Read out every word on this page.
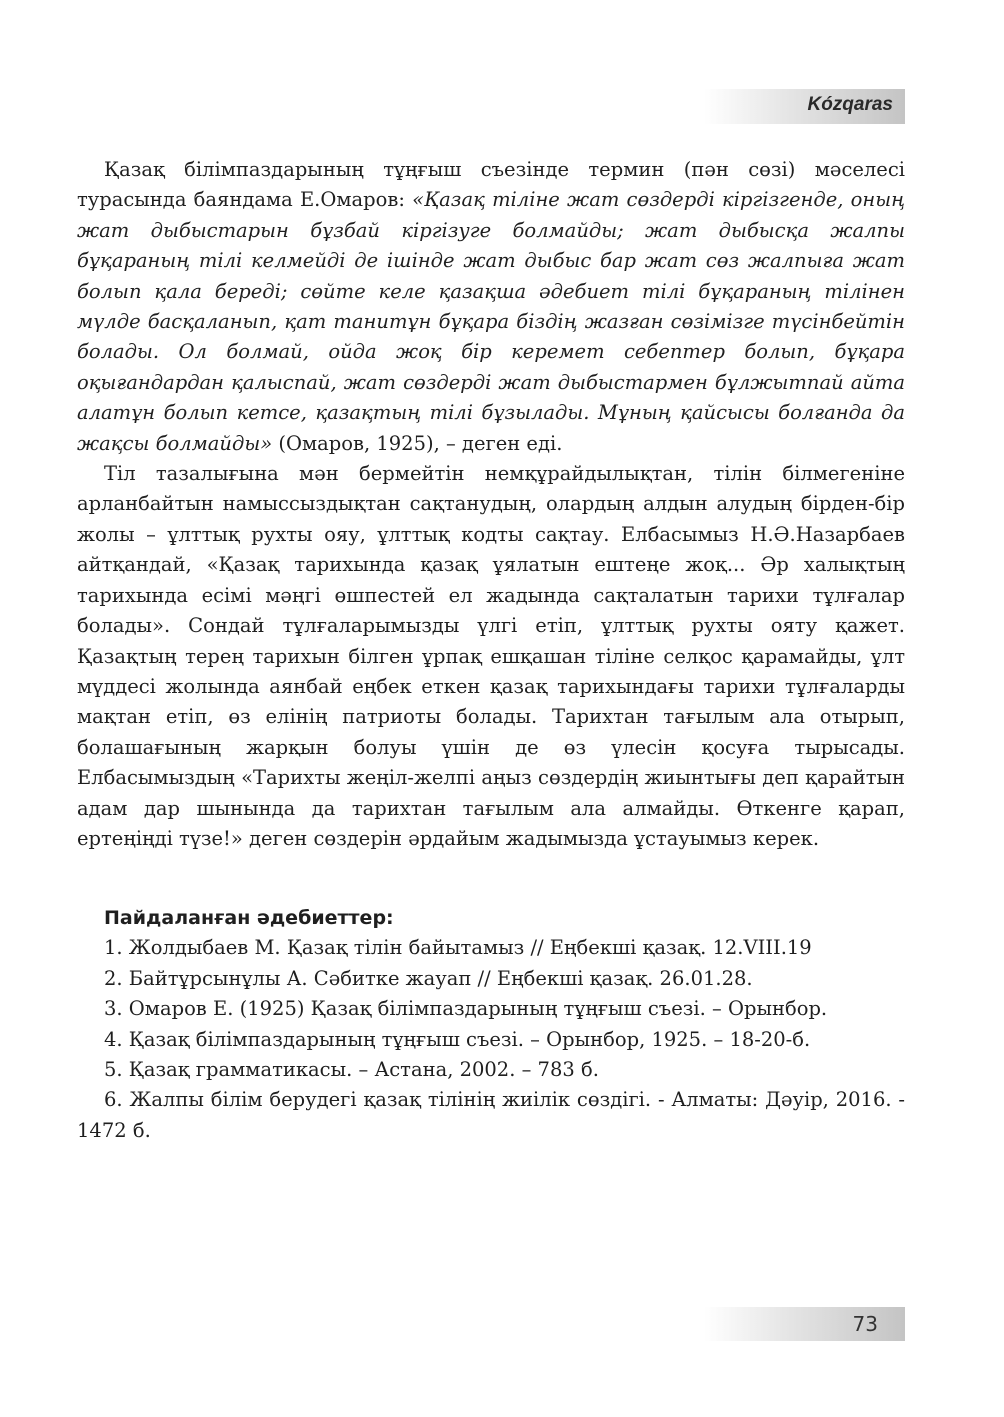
Kózqaras

Қазақ білімпаздарының тұңғыш съезінде термин (пән сөзі) мәселесі турасында баяндама Е.Омаров: «Қазақ тіліне жат сөздерді кіргізгенде, оның жат дыбыстарын бұзбай кіргізуге болмайды; жат дыбысқа жалпы бұқараның тілі келмейді де ішінде жат дыбыс бар жат сөз жалпыға жат болып қала береді; сөйте келе қазақша әдебиет тілі бұқараның тілінен мүлде басқаланып, қат танитұн бұқара біздің жазған сөзімізге түсінбейтін болады. Ол болмай, ойда жоқ бір керемет себептер болып, бұқара оқығандардан қалыспай, жат сөздерді жат дыбыстармен бұлжытпай айта алатұн болып кетсе, қазақтың тілі бұзылады. Мұның қайсысы болғанда да жақсы болмайды» (Омаров, 1925), – деген еді.

Тіл тазалығына мән бермейтін немқұрайдылықтан, тілін білмегеніне арланбайтын намыссыздықтан сақтанудың, олардың алдын алудың бірден-бір жолы – ұлттық рухты ояу, ұлттық кодты сақтау. Елбасымыз Н.Ә.Назарбаев айтқандай, «Қазақ тарихында қазақ ұялатын ештеңе жоқ... Әр халықтың тарихында есімі мәңгі өшпестей ел жадында сақталатын тарихи тұлғалар болады». Сондай тұлғаларымызды үлгі етіп, ұлттық рухты ояту қажет. Қазақтың терең тарихын білген ұрпақ ешқашан тіліне селқос қарамайды, ұлт мүддесі жолында аянбай еңбек еткен қазақ тарихындағы тарихи тұлғаларды мақтан етіп, өз елінің патриоты болады. Тарихтан тағылым ала отырып, болашағының жарқын болуы үшін де өз үлесін қосуға тырысады. Елбасымыздың «Тарихты жеңіл-желпі аңыз сөздердің жиынтығы деп қарайтын адам дар шынында да тарихтан тағылым ала алмайды. Өткенге қарап, ертеңіңді түзе!» деген сөздерін әрдайым жадымызда ұстауымыз керек.

Пайдаланған әдебиеттер:

1. Жолдыбаев М. Қазақ тілін байытамыз // Еңбекші қазақ. 12.VIII.19
2. Байтұрсынұлы А. Сәбитке жауап // Еңбекші қазақ. 26.01.28.
3. Омаров Е. (1925) Қазақ білімпаздарының тұңғыш съезі. – Орынбор.
4. Қазақ білімпаздарының тұңғыш съезі. – Орынбор, 1925. – 18-20-б.
5. Қазақ грамматикасы. – Астана, 2002. – 783 б.
6. Жалпы білім берудегі қазақ тілінің жиілік сөздігі. - Алматы: Дәуір, 2016. - 1472 б.
73
